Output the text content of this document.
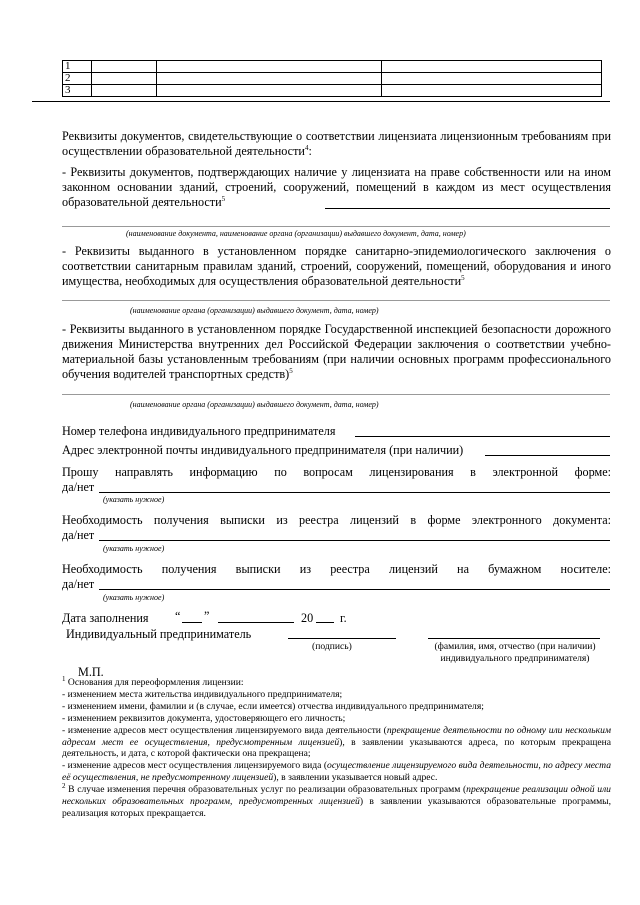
1			
2			
3			
Реквизиты документов, свидетельствующие о соответствии лицензиата лицензионным требованиям при осуществлении образовательной деятельности$^4$:
- Реквизиты документов, подтверждающих наличие у лицензиата на праве собственности или на ином законном основании зданий, строений, сооружений, помещений в каждом из мест осуществления образовательной деятельности$^5$
(наименование документа, наименование органа (организации) выдавшего документ, дата, номер)
- Реквизиты выданного в установленном порядке санитарно-эпидемиологического заключения о соответствии санитарным правилам зданий, строений, сооружений, помещений, оборудования и иного имущества, необходимых для осуществления образовательной деятельности$^5$
(наименование органа (организации) выдавшего документ, дата, номер)
- Реквизиты выданного в установленном порядке Государственной инспекцией безопасности дорожного движения Министерства внутренних дел Российской Федерации заключения о соответствии учебно-материальной базы установленным требованиям (при наличии основных программ профессионального обучения водителей транспортных средств)$^5$
(наименование органа (организации) выдавшего документ, дата, номер)
Номер телефона индивидуального предпринимателя
Адрес электронной почты индивидуального предпринимателя (при наличии)
Прошу направлять информацию по вопросам лицензирования в электронной форме:
да/нет
(указать нужное)
Необходимость получения выписки из реестра лицензий в форме электронного документа:
да/нет
(указать нужное)
Необходимость получения выписки из реестра лицензий на бумажном носителе:
да/нет
(указать нужное)
Дата заполнения “ ”	20 г.
Индивидуальный предприниматель
(подпись)	(фамилия, имя, отчество (при наличии)
индивидуального предпринимателя)
М.П.
$^1$ Основания для переоформления лицензии:
- изменением места жительства индивидуального предпринимателя;
- изменением имени, фамилии и (в случае, если имеется) отчества индивидуального предпринимателя;
- изменением реквизитов документа, удостоверяющего его личность;
- изменение адресов мест осуществления лицензируемого вида деятельности (прекращение деятельности по одному или нескольким адресам мест ее осуществления, предусмотренным лицензией), в заявлении указываются адреса, по которым прекращена деятельность, и дата, с которой фактически она прекращена;
- изменение адресов мест осуществления лицензируемого вида (осуществление лицензируемого вида деятельности, по адресу места её осуществления, не предусмотренному лицензией), в заявлении указывается новый адрес.
$^2$ В случае изменения перечня образовательных услуг по реализации образовательных программ (прекращение реализации одной или нескольких образовательных программ, предусмотренных лицензией) в заявлении указываются образовательные программы, реализация которых прекращается.
